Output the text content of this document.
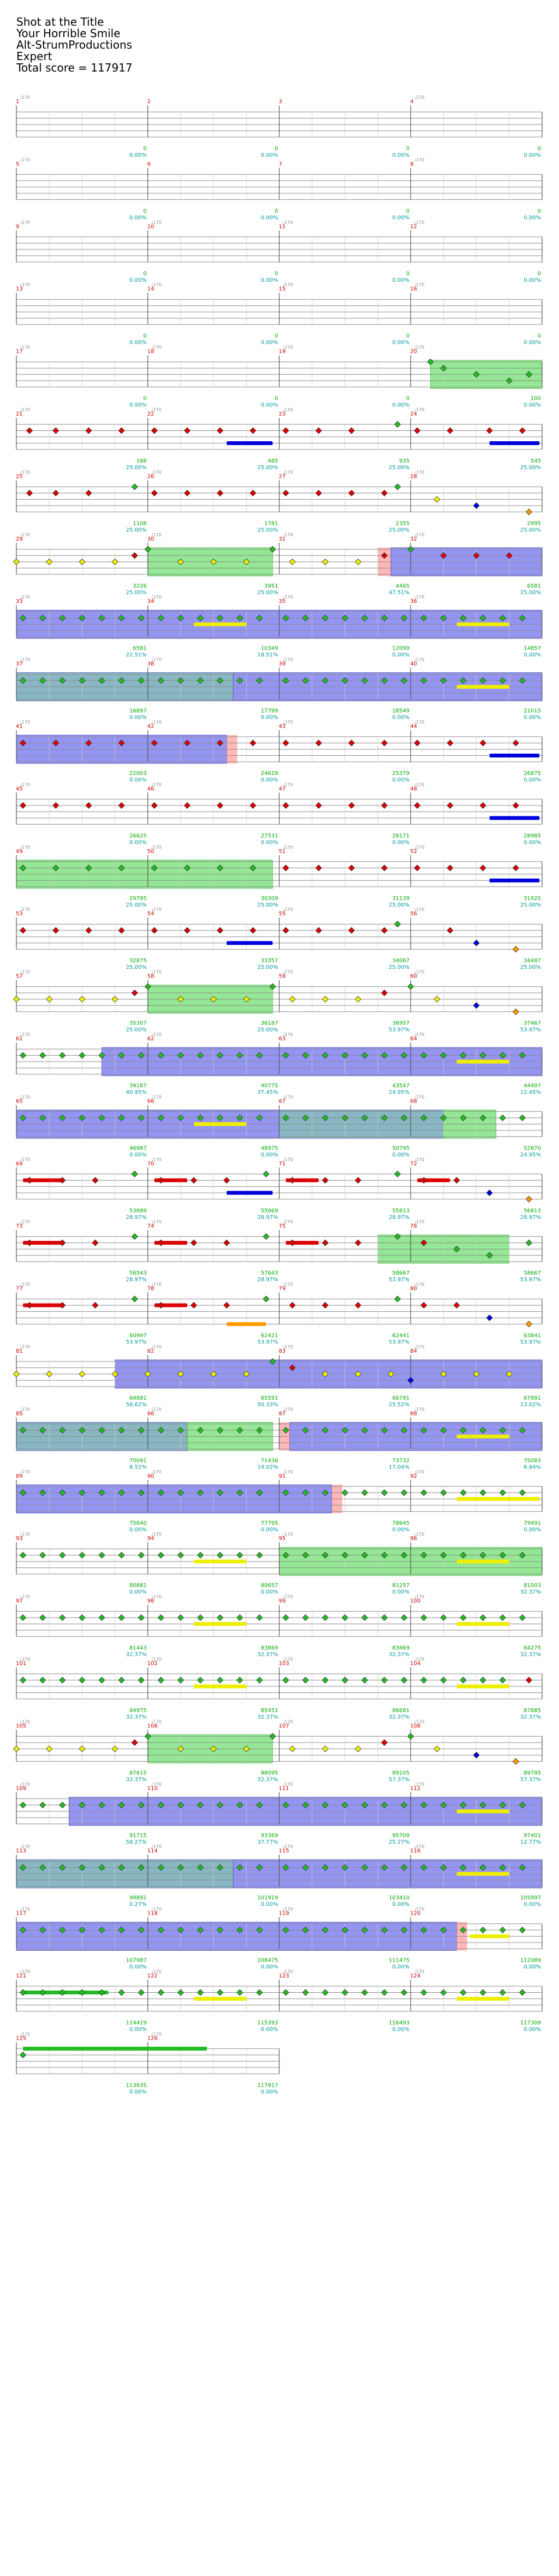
Shot at the Title
Your Horrible Smile
Alt-StrumProductions
Expert
Total score = 117917
1
♩170
2	3	4
♩170
0
0.00%
0
0.00%
0
0.00%
0
0.00%
5
♩170
6	7	8
♩170
0
0.00%
0
0.00%
0
0.00%
0
0.00%
9
♩170
10
♩170
11
♩170
12
♩170
0
0.00%
0
0.00%
0
0.00%
0
0.00%
13
♩170
14
♩170
15
♩170
16
♩170
0
0.00%
0
0.00%
0
0.00%
0
0.00%
17
♩170
18
♩170
19
♩170
20
♩170
0
0.00%
0
0.00%
0
0.00%
100
0.00%
21
♩170
22
♩170
23
♩170
24
♩170
188
25.00%
485
25.00%
935
25.00%
545
25.00%
25
♩170
26
♩170
27
♩170
28
♩170
1108
25.00%
1781
25.00%
2355
25.00%
2995
25.00%
29
♩170
30
♩170
31
♩170
32
♩170
3226
25.00%
3951
25.00%
4465
47.51%
6581
25.00%
33
♩170
34
♩170
35
♩170
36
♩170
6581
22.51%
10349
18.51%
12099
0.00%
14857
0.00%
37
♩170
38
♩170
39
♩170
40
♩170
16897
0.00%
17799
0.00%
18549
0.00%
21015
0.00%
41
♩170
42
♩170
43
♩170
44
♩170
22003
0.00%
24629
0.00%
25379
0.00%
26875
0.00%
45
♩170
46
♩170
47
♩170
48
♩170
26625
0.00%
27531
0.00%
28171
0.00%
28985
0.00%
49
♩170
50
♩170
51
♩170
52
♩170
29795
25.00%
30309
25.00%
31139
25.00%
31925
25.00%
53
♩170
54
♩170
55
♩170
56
♩170
32875
25.00%
33357
25.00%
34067
25.00%
34487
25.00%
57
♩170
58
♩170
59
♩170
60
♩170
35307
25.00%
36187
25.00%
36957
53.97%
37467
53.97%
61
♩170
62
♩170
63
♩170
64
♩170
39187
40.95%
40775
37.45%
43547
24.95%
44497
12.45%
65
♩170
66
♩170
67
♩170
68
♩170
46987
0.00%
48975
0.00%
50795
0.00%
52870
24.95%
69
♩170
70
♩170
71
♩170
72
♩170
53889
28.97%
55069
28.97%
55813
28.97%
56813
28.97%
73
♩170
74
♩170
75
♩170
76
♩170
56543
28.97%
57643
28.97%
58667
53.97%
58667
53.97%
77
♩170
78
♩170
79
♩170
80
♩170
60997
53.97%
62421
53.97%
62441
53.97%
63841
53.97%
81
♩170
82
♩170
83
♩170
84
♩170
64881
58.62%
65591
50.33%
66791
25.52%
67991
13.02%
85
♩170
86
♩170
87
♩170
88
♩170
70091
8.52%
71436
19.02%
73732
17.04%
75083
6.84%
89
♩170
90
♩170
91
♩170
92
♩170
75640
0.00%
77795
0.00%
78645
0.00%
79491
0.00%
93
♩170
94
♩170
95
♩170
96
♩170
80881
0.00%
80657
0.00%
81257
0.00%
81003
32.37%
97
♩170
98
♩170
99
♩170
100
♩170
81443
32.37%
83869
32.37%
83669
32.37%
84275
32.37%
101
♩170
102
♩170
103
♩170
104
♩170
84975
32.37%
85451
32.37%
86681
32.37%
87685
32.37%
105
♩170
106
♩170
107
♩170
108
♩170
87615
32.37%
88095
32.37%
89105
57.37%
89795
57.37%
109
♩170
110
♩170
111
♩170
112
♩170
91715
58.27%
93369
37.77%
95709
25.27%
97401
12.77%
113
♩170
114
♩170
115
♩170
116
♩170
99891
0.27%
101919
0.00%
103410
0.00%
105997
0.00%
117
♩170
118
♩170
119
♩170
120
♩170
107987
0.00%
108475
0.00%
111475
0.00%
112089
0.00%
121
♩170
122
♩170
123
♩170
124
♩170
114419
0.00%
115393
0.00%
116493
0.00%
117309
0.00%
125
♩170
126
♩170
113935
0.00%
117917
0.00%
